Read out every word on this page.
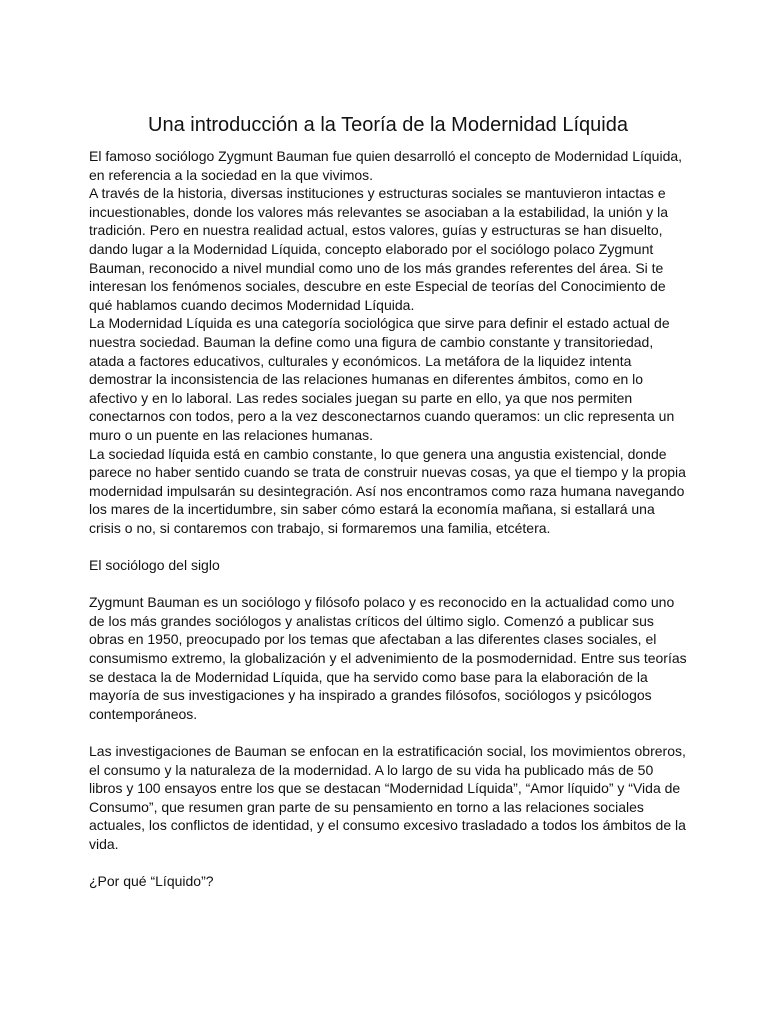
Una introducción a la Teoría de la Modernidad Líquida

El famoso sociólogo Zygmunt Bauman fue quien desarrolló el concepto de Modernidad Líquida, en referencia a la sociedad en la que vivimos.

A través de la historia, diversas instituciones y estructuras sociales se mantuvieron intactas e incuestionables, donde los valores más relevantes se asociaban a la estabilidad, la unión y la tradición. Pero en nuestra realidad actual, estos valores, guías y estructuras se han disuelto, dando lugar a la Modernidad Líquida, concepto elaborado por el sociólogo polaco Zygmunt Bauman, reconocido a nivel mundial como uno de los más grandes referentes del área. Si te interesan los fenómenos sociales, descubre en este Especial de teorías del Conocimiento de qué hablamos cuando decimos Modernidad Líquida.

La Modernidad Líquida es una categoría sociológica que sirve para definir el estado actual de nuestra sociedad. Bauman la define como una figura de cambio constante y transitoriedad, atada a factores educativos, culturales y económicos. La metáfora de la liquidez intenta demostrar la inconsistencia de las relaciones humanas en diferentes ámbitos, como en lo afectivo y en lo laboral. Las redes sociales juegan su parte en ello, ya que nos permiten conectarnos con todos, pero a la vez desconectarnos cuando queramos: un clic representa un muro o un puente en las relaciones humanas.

La sociedad líquida está en cambio constante, lo que genera una angustia existencial, donde parece no haber sentido cuando se trata de construir nuevas cosas, ya que el tiempo y la propia modernidad impulsarán su desintegración. Así nos encontramos como raza humana navegando los mares de la incertidumbre, sin saber cómo estará la economía mañana, si estallará una crisis o no, si contaremos con trabajo, si formaremos una familia, etcétera.

El sociólogo del siglo

Zygmunt Bauman es un sociólogo y filósofo polaco y es reconocido en la actualidad como uno de los más grandes sociólogos y analistas críticos del último siglo. Comenzó a publicar sus obras en 1950, preocupado por los temas que afectaban a las diferentes clases sociales, el consumismo extremo, la globalización y el advenimiento de la posmodernidad. Entre sus teorías se destaca la de Modernidad Líquida, que ha servido como base para la elaboración de la mayoría de sus investigaciones y ha inspirado a grandes filósofos, sociólogos y psicólogos contemporáneos.

Las investigaciones de Bauman se enfocan en la estratificación social, los movimientos obreros, el consumo y la naturaleza de la modernidad. A lo largo de su vida ha publicado más de 50 libros y 100 ensayos entre los que se destacan “Modernidad Líquida”, “Amor líquido” y “Vida de Consumo”, que resumen gran parte de su pensamiento en torno a las relaciones sociales actuales, los conflictos de identidad, y el consumo excesivo trasladado a todos los ámbitos de la vida.

¿Por qué “Líquido”?
